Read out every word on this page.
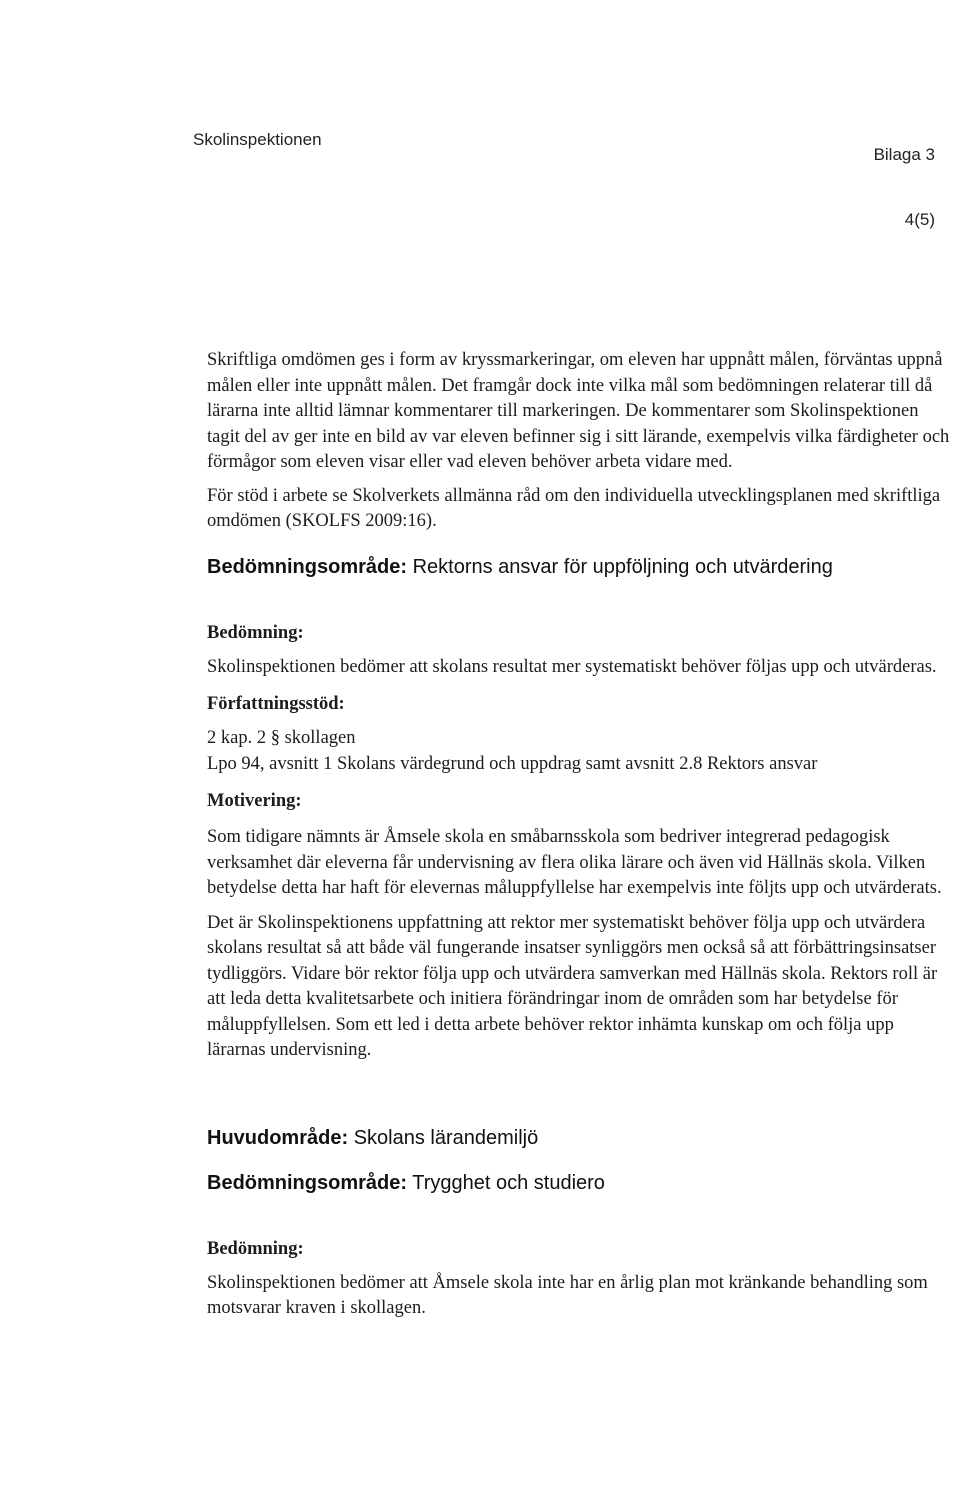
Skolinspektionen
Bilaga 3
4(5)

Skriftliga omdömen ges i form av kryssmarkeringar, om eleven har uppnått målen, förväntas uppnå målen eller inte uppnått målen. Det framgår dock inte vilka mål som bedömningen relaterar till då lärarna inte alltid lämnar kommentarer till markeringen. De kommentarer som Skolinspektionen tagit del av ger inte en bild av var eleven befinner sig i sitt lärande, exempelvis vilka färdigheter och förmågor som eleven visar eller vad eleven behöver arbeta vidare med.

För stöd i arbete se Skolverkets allmänna råd om den individuella utvecklingsplanen med skriftliga omdömen (SKOLFS 2009:16).

Bedömningsområde: Rektorns ansvar för uppföljning och utvärdering
Bedömning:

Skolinspektionen bedömer att skolans resultat mer systematiskt behöver följas upp och utvärderas.

Författningsstöd:

2 kap. 2 § skollagen

Lpo 94, avsnitt 1 Skolans värdegrund och uppdrag samt avsnitt 2.8 Rektors ansvar

Motivering:

Som tidigare nämnts är Åmsele skola en småbarnsskola som bedriver integrerad pedagogisk verksamhet där eleverna får undervisning av flera olika lärare och även vid Hällnäs skola. Vilken betydelse detta har haft för elevernas måluppfyllelse har exempelvis inte följts upp och utvärderats.

Det är Skolinspektionens uppfattning att rektor mer systematiskt behöver följa upp och utvärdera skolans resultat så att både väl fungerande insatser synliggörs men också så att förbättringsinsatser tydliggörs. Vidare bör rektor följa upp och utvärdera samverkan med Hällnäs skola. Rektors roll är att leda detta kvalitetsarbete och initiera förändringar inom de områden som har betydelse för måluppfyllelsen. Som ett led i detta arbete behöver rektor inhämta kunskap om och följa upp lärarnas undervisning.

Huvudområde: Skolans lärandemiljö
Bedömningsområde: Trygghet och studiero
Bedömning:

Skolinspektionen bedömer att Åmsele skola inte har en årlig plan mot kränkande behandling som motsvarar kraven i skollagen.
